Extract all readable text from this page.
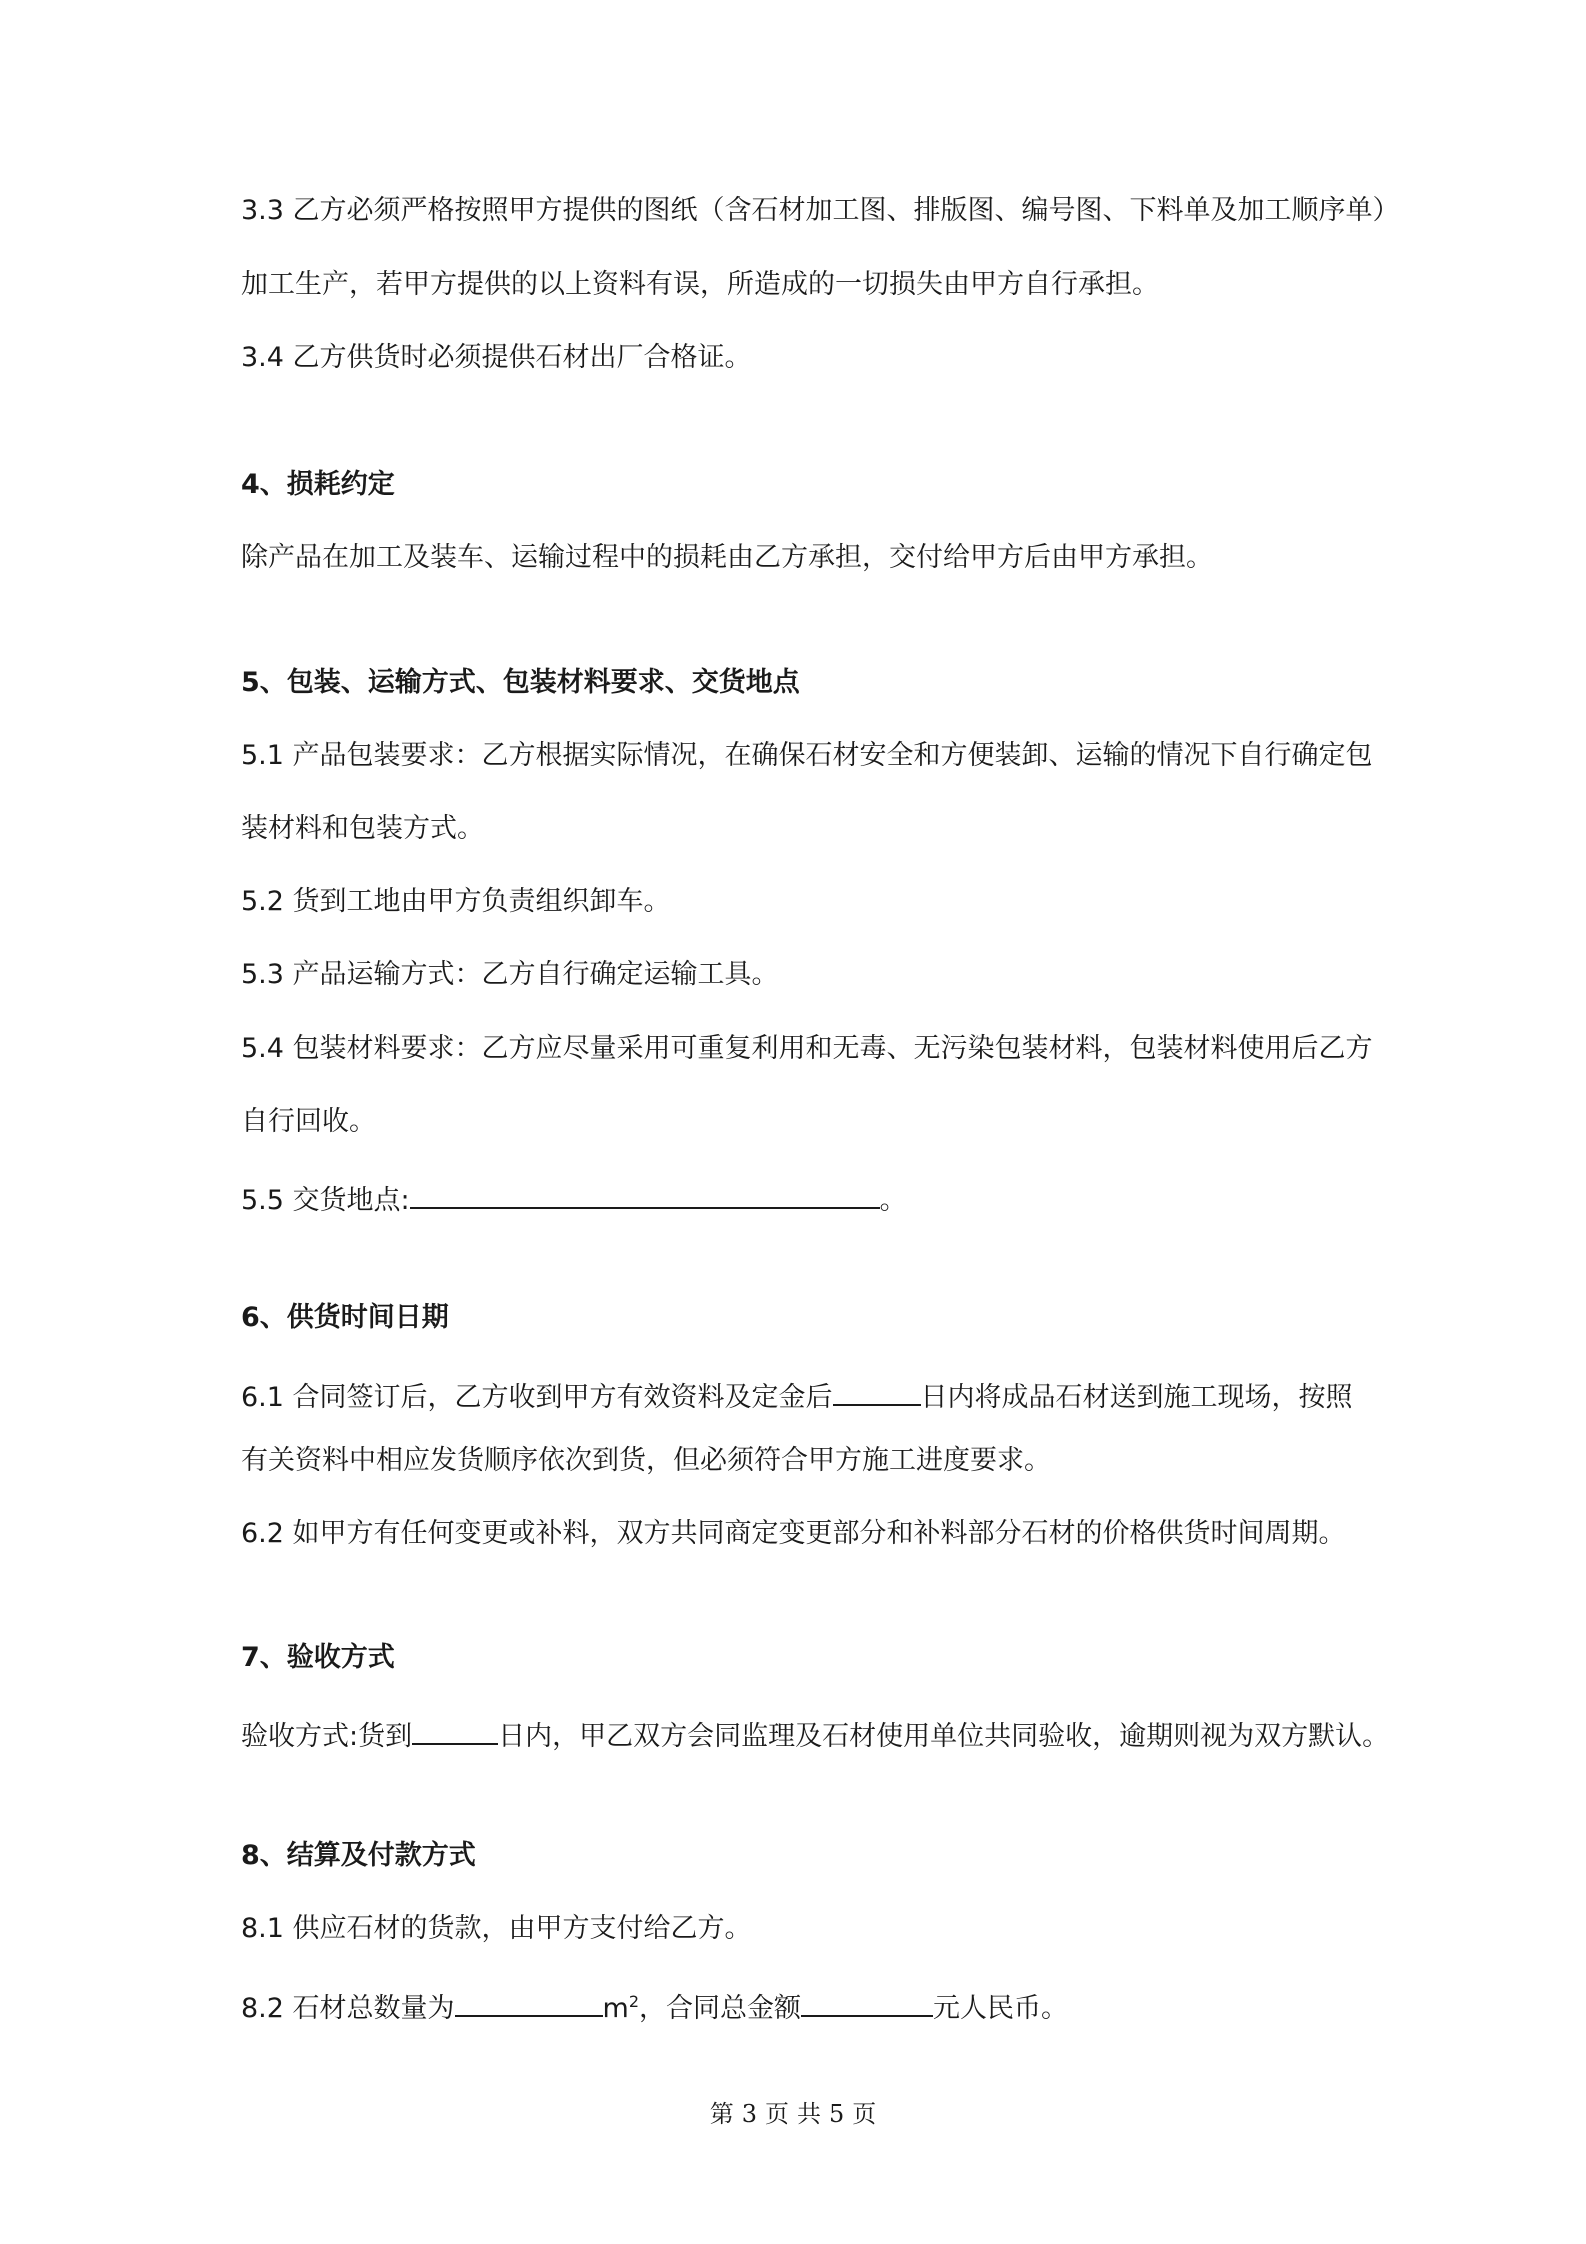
3.3 乙方必须严格按照甲方提供的图纸（含石材加工图、排版图、编号图、下料单及加工顺序单）
加工生产，若甲方提供的以上资料有误，所造成的一切损失由甲方自行承担。
3.4 乙方供货时必须提供石材出厂合格证。
4、损耗约定
除产品在加工及装车、运输过程中的损耗由乙方承担，交付给甲方后由甲方承担。
5、包装、运输方式、包装材料要求、交货地点
5.1 产品包装要求：乙方根据实际情况，在确保石材安全和方便装卸、运输的情况下自行确定包
装材料和包装方式。
5.2 货到工地由甲方负责组织卸车。
5.3 产品运输方式：乙方自行确定运输工具。
5.4 包装材料要求：乙方应尽量采用可重复利用和无毒、无污染包装材料，包装材料使用后乙方
自行回收。
5.5 交货地点:	。
6、供货时间日期
6.1 合同签订后，乙方收到甲方有效资料及定金后	日内将成品石材送到施工现场，按照
有关资料中相应发货顺序依次到货，但必须符合甲方施工进度要求。
6.2 如甲方有任何变更或补料，双方共同商定变更部分和补料部分石材的价格供货时间周期。
7、验收方式
验收方式:货到	日内，甲乙双方会同监理及石材使用单位共同验收，逾期则视为双方默认。
8、结算及付款方式
8.1 供应石材的货款，由甲方支付给乙方。
8.2 石材总数量为	$m^2$，合同总金额	元人民币。
第 3 页 共 5 页
